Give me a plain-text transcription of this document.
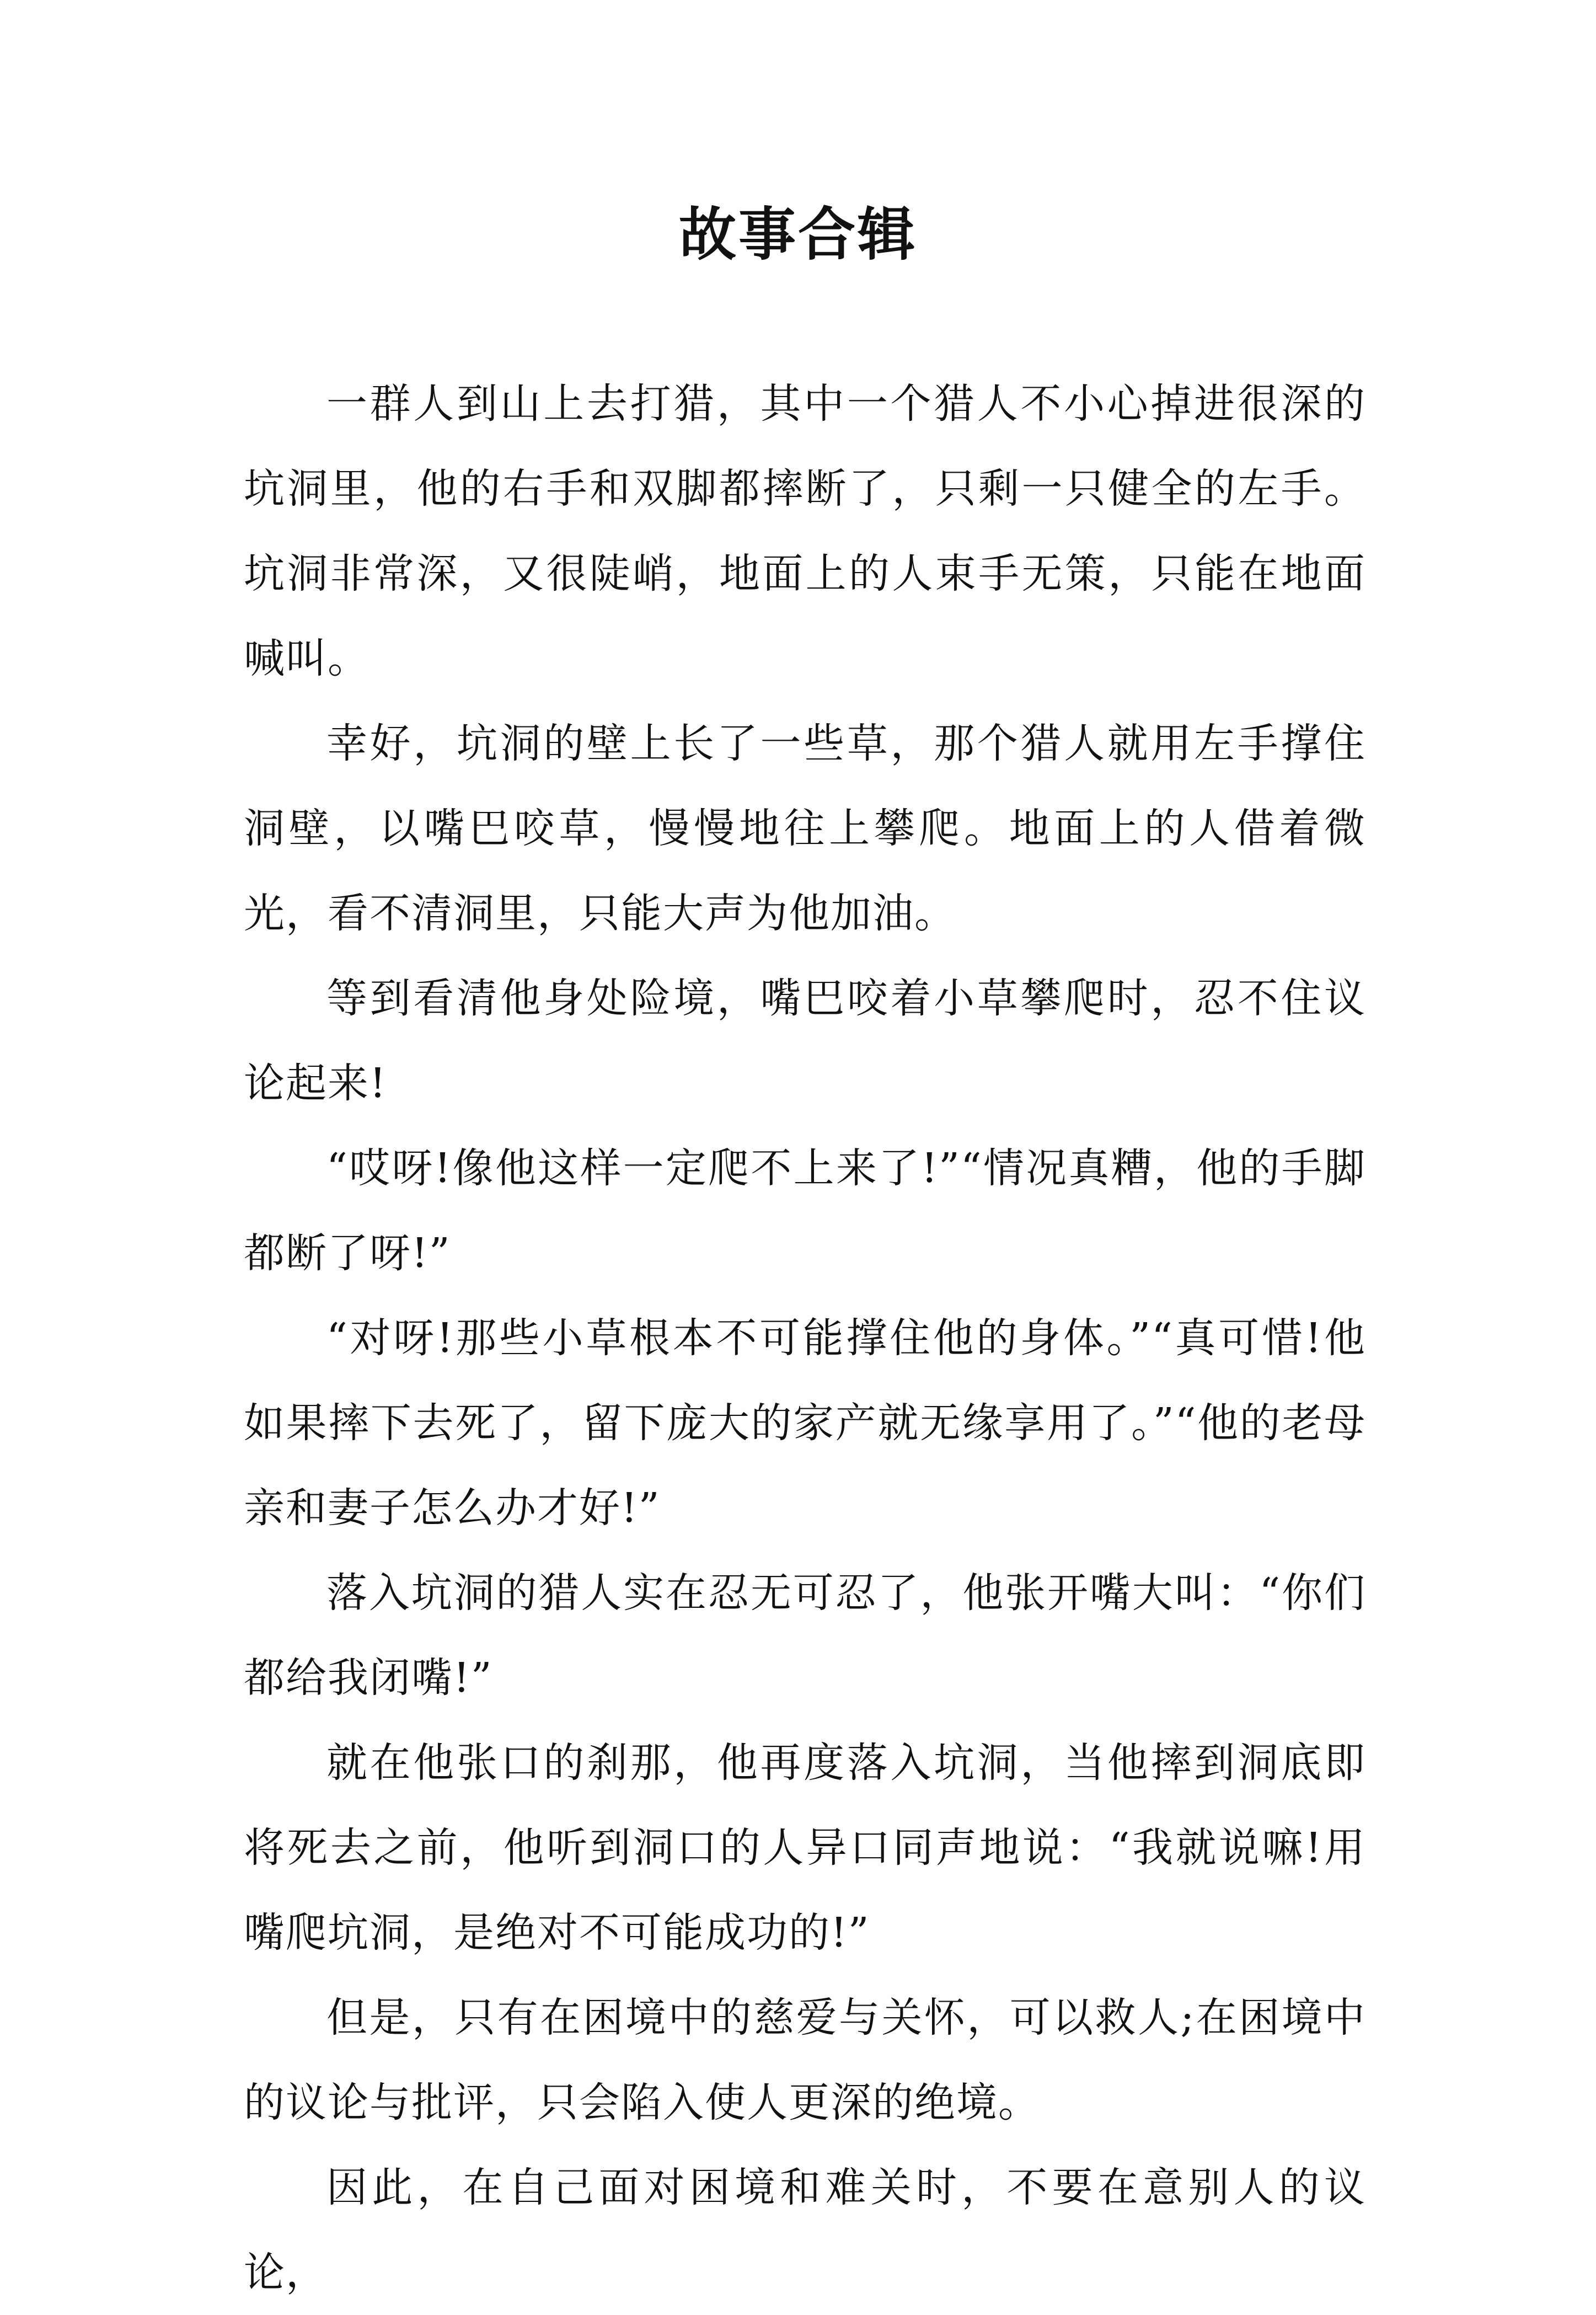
故事合辑

一群人到山上去打猎，其中一个猎人不小心掉进很深的坑洞里，他的右手和双脚都摔断了，只剩一只健全的左手。坑洞非常深，又很陡峭，地面上的人束手无策，只能在地面喊叫。

幸好，坑洞的壁上长了一些草，那个猎人就用左手撑住洞壁，以嘴巴咬草，慢慢地往上攀爬。地面上的人借着微光，看不清洞里，只能大声为他加油。

等到看清他身处险境，嘴巴咬着小草攀爬时，忍不住议论起来!

“哎呀!像他这样一定爬不上来了!”“情况真糟，他的手脚都断了呀!”

“对呀!那些小草根本不可能撑住他的身体。”“真可惜!他如果摔下去死了，留下庞大的家产就无缘享用了。”“他的老母亲和妻子怎么办才好!”

落入坑洞的猎人实在忍无可忍了，他张开嘴大叫：“你们都给我闭嘴!”

就在他张口的刹那，他再度落入坑洞，当他摔到洞底即将死去之前，他听到洞口的人异口同声地说：“我就说嘛!用嘴爬坑洞，是绝对不可能成功的!”

但是，只有在困境中的慈爱与关怀，可以救人;在困境中的议论与批评，只会陷入使人更深的绝境。

因此，在自己面对困境和难关时，不要在意别人的议论，
